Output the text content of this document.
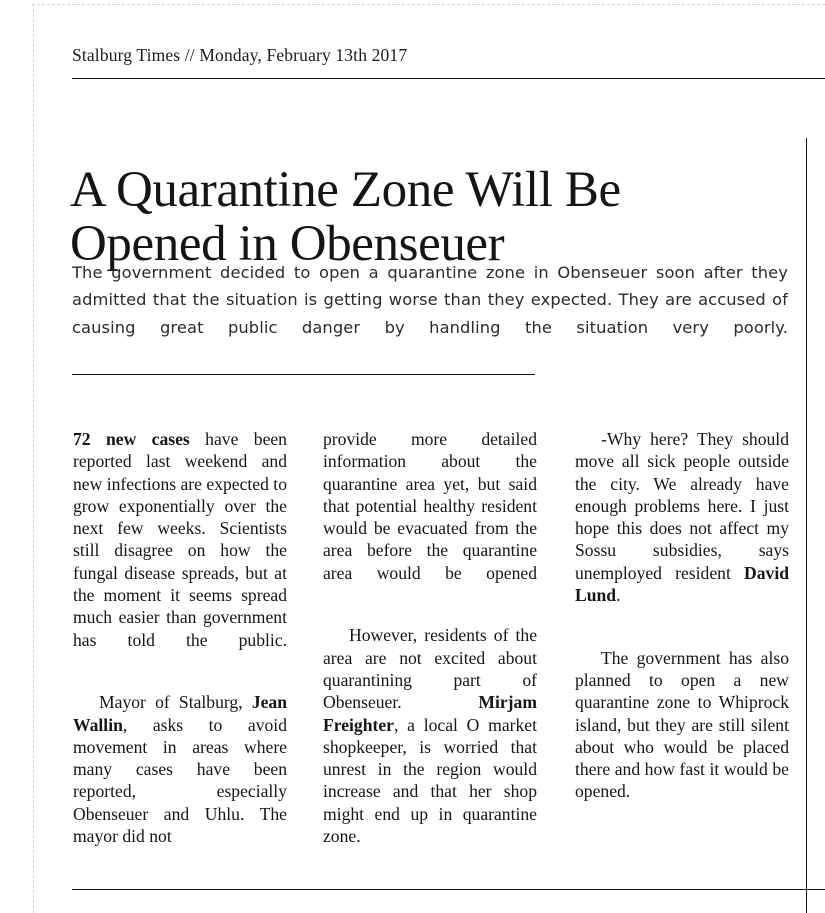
Stalburg Times // Monday, February 13th 2017
A Quarantine Zone Will Be
Opened in Obenseuer
The government decided to open a quarantine zone in Obenseuer soon after they admitted that the situation is getting worse than they expected. They are accused of causing great public danger by handling the situation very poorly.

72 new cases have been reported last weekend and new infections are expected to grow exponentially over the next few weeks. Scientists still disagree on how the fungal disease spreads, but at the moment it seems spread much easier than government has told the public.

Mayor of Stalburg, Jean Wallin, asks to avoid movement in areas where many cases have been reported, especially Obenseuer and Uhlu. The mayor did not

provide more detailed information about the quarantine area yet, but said that potential healthy resident would be evacuated from the area before the quarantine area would be opened

However, residents of the area are not excited about quarantining part of Obenseuer. Mirjam Freighter, a local O market shopkeeper, is worried that unrest in the region would increase and that her shop might end up in quarantine zone.

-Why here? They should move all sick people outside the city. We already have enough problems here. I just hope this does not affect my Sossu subsidies, says unemployed resident David Lund.

The government has also planned to open a new quarantine zone to Whiprock island, but they are still silent about who would be placed there and how fast it would be opened.
